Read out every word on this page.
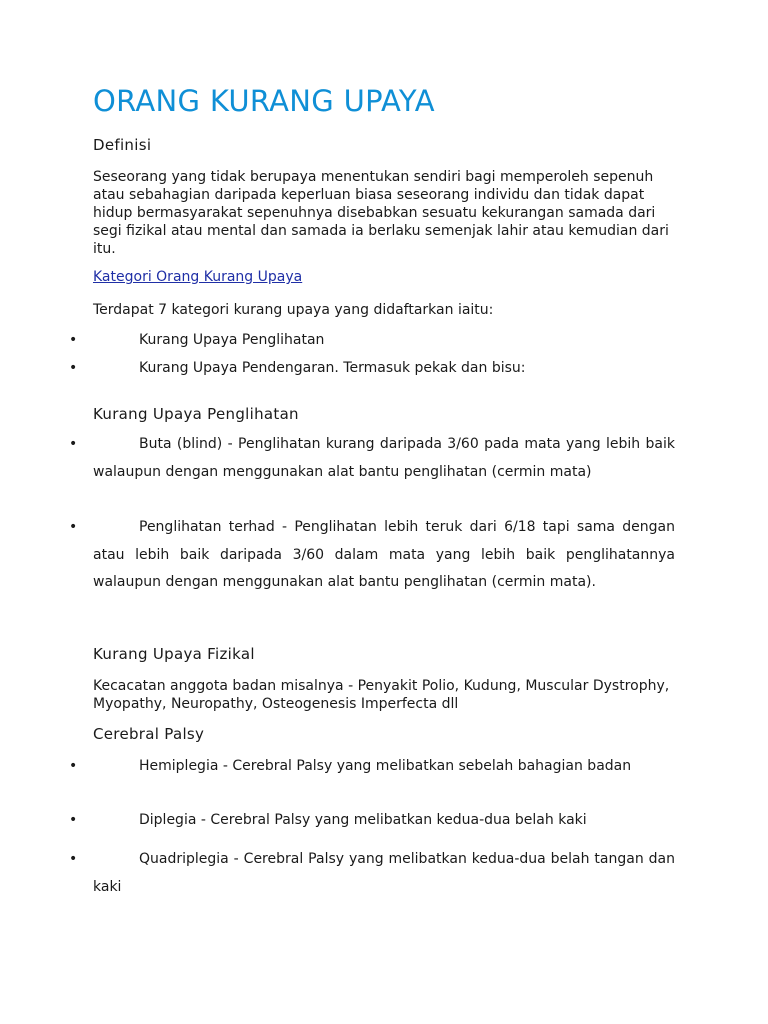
ORANG KURANG UPAYA
Definisi

Seseorang yang tidak berupaya menentukan sendiri bagi memperoleh sepenuh atau sebahagian daripada keperluan biasa seseorang individu dan tidak dapat hidup bermasyarakat sepenuhnya disebabkan sesuatu kekurangan samada dari segi fizikal atau mental dan samada ia berlaku semenjak lahir atau kemudian dari itu.

Kategori Orang Kurang Upaya

Terdapat 7 kategori kurang upaya yang didaftarkan iaitu:

•	Kurang Upaya Penglihatan
•	Kurang Upaya Pendengaran. Termasuk pekak dan bisu:
Kurang Upaya Penglihatan
•	Buta (blind) - Penglihatan kurang daripada 3/60 pada mata yang lebih baik walaupun dengan menggunakan alat bantu penglihatan (cermin mata)
•	Penglihatan terhad - Penglihatan lebih teruk dari 6/18 tapi sama dengan atau lebih baik daripada 3/60 dalam mata yang lebih baik penglihatannya walaupun dengan menggunakan alat bantu penglihatan (cermin mata).
Kurang Upaya Fizikal

Kecacatan anggota badan misalnya - Penyakit Polio, Kudung, Muscular Dystrophy, Myopathy, Neuropathy, Osteogenesis Imperfecta dll

Cerebral Palsy
•	Hemiplegia - Cerebral Palsy yang melibatkan sebelah bahagian badan
•	Diplegia - Cerebral Palsy yang melibatkan kedua-dua belah kaki
•	Quadriplegia - Cerebral Palsy yang melibatkan kedua-dua belah tangan dan kaki
